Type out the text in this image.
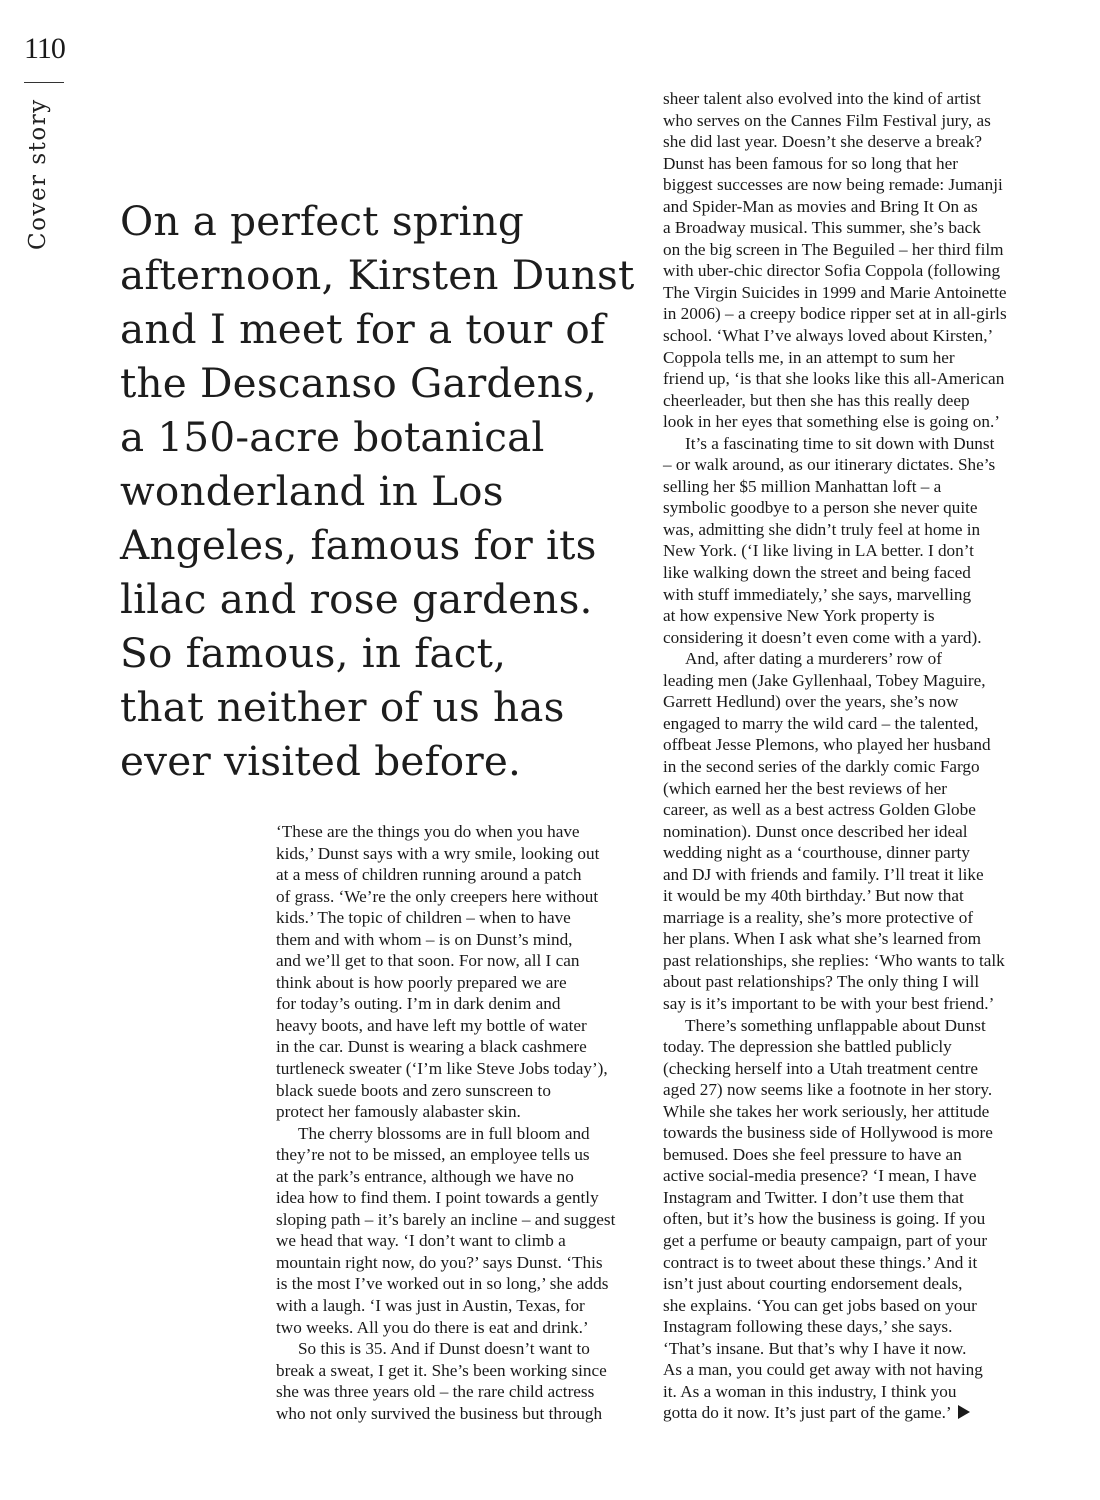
110
Cover story On a perfect spring
afternoon, Kirsten Dunst
and I meet for a tour of
the Descanso Gardens,
a 150-acre botanical
wonderland in Los
Angeles, famous for its
lilac and rose gardens.
So famous, in fact,
that neither of us has
ever visited before.
‘These are the things you do when you have
kids,’ Dunst says with a wry smile, looking out
at a mess of children running around a patch
of grass. ‘We’re the only creepers here without
kids.’ The topic of children – when to have
them and with whom – is on Dunst’s mind,
and we’ll get to that soon. For now, all I can
think about is how poorly prepared we are
for today’s outing. I’m in dark denim and
heavy boots, and have left my bottle of water
in the car. Dunst is wearing a black cashmere
turtleneck sweater (‘I’m like Steve Jobs today’),
black suede boots and zero sunscreen to
protect her famously alabaster skin.
The cherry blossoms are in full bloom and
they’re not to be missed, an employee tells us
at the park’s entrance, although we have no
idea how to find them. I point towards a gently
sloping path – it’s barely an incline – and suggest
we head that way. ‘I don’t want to climb a
mountain right now, do you?’ says Dunst. ‘This
is the most I’ve worked out in so long,’ she adds
with a laugh. ‘I was just in Austin, Texas, for
two weeks. All you do there is eat and drink.’
So this is 35. And if Dunst doesn’t want to
break a sweat, I get it. She’s been working since
she was three years old – the rare child actress
who not only survived the business but through
sheer talent also evolved into the kind of artist
who serves on the Cannes Film Festival jury, as
she did last year. Doesn’t she deserve a break?
Dunst has been famous for so long that her
biggest successes are now being remade: Jumanji
and Spider-Man as movies and Bring It On as
a Broadway musical. This summer, she’s back
on the big screen in The Beguiled – her third film
with uber-chic director Sofia Coppola (following
The Virgin Suicides in 1999 and Marie Antoinette
in 2006) – a creepy bodice ripper set at in all-girls
school. ‘What I’ve always loved about Kirsten,’
Coppola tells me, in an attempt to sum her
friend up, ‘is that she looks like this all-American
cheerleader, but then she has this really deep
look in her eyes that something else is going on.’
It’s a fascinating time to sit down with Dunst
– or walk around, as our itinerary dictates. She’s
selling her $5 million Manhattan loft – a
symbolic goodbye to a person she never quite
was, admitting she didn’t truly feel at home in
New York. (‘I like living in LA better. I don’t
like walking down the street and being faced
with stuff immediately,’ she says, marvelling
at how expensive New York property is
considering it doesn’t even come with a yard).
And, after dating a murderers’ row of
leading men (Jake Gyllenhaal, Tobey Maguire,
Garrett Hedlund) over the years, she’s now
engaged to marry the wild card – the talented,
offbeat Jesse Plemons, who played her husband
in the second series of the darkly comic Fargo
(which earned her the best reviews of her
career, as well as a best actress Golden Globe
nomination). Dunst once described her ideal
wedding night as a ‘courthouse, dinner party
and DJ with friends and family. I’ll treat it like
it would be my 40th birthday.’ But now that
marriage is a reality, she’s more protective of
her plans. When I ask what she’s learned from
past relationships, she replies: ‘Who wants to talk
about past relationships? The only thing I will
say is it’s important to be with your best friend.’
There’s something unflappable about Dunst
today. The depression she battled publicly
(checking herself into a Utah treatment centre
aged 27) now seems like a footnote in her story.
While she takes her work seriously, her attitude
towards the business side of Hollywood is more
bemused. Does she feel pressure to have an
active social-media presence? ‘I mean, I have
Instagram and Twitter. I don’t use them that
often, but it’s how the business is going. If you
get a perfume or beauty campaign, part of your
contract is to tweet about these things.’ And it
isn’t just about courting endorsement deals,
she explains. ‘You can get jobs based on your
Instagram following these days,’ she says.
‘That’s insane. But that’s why I have it now.
As a man, you could get away with not having
it. As a woman in this industry, I think you
gotta do it now. It’s just part of the game.’
